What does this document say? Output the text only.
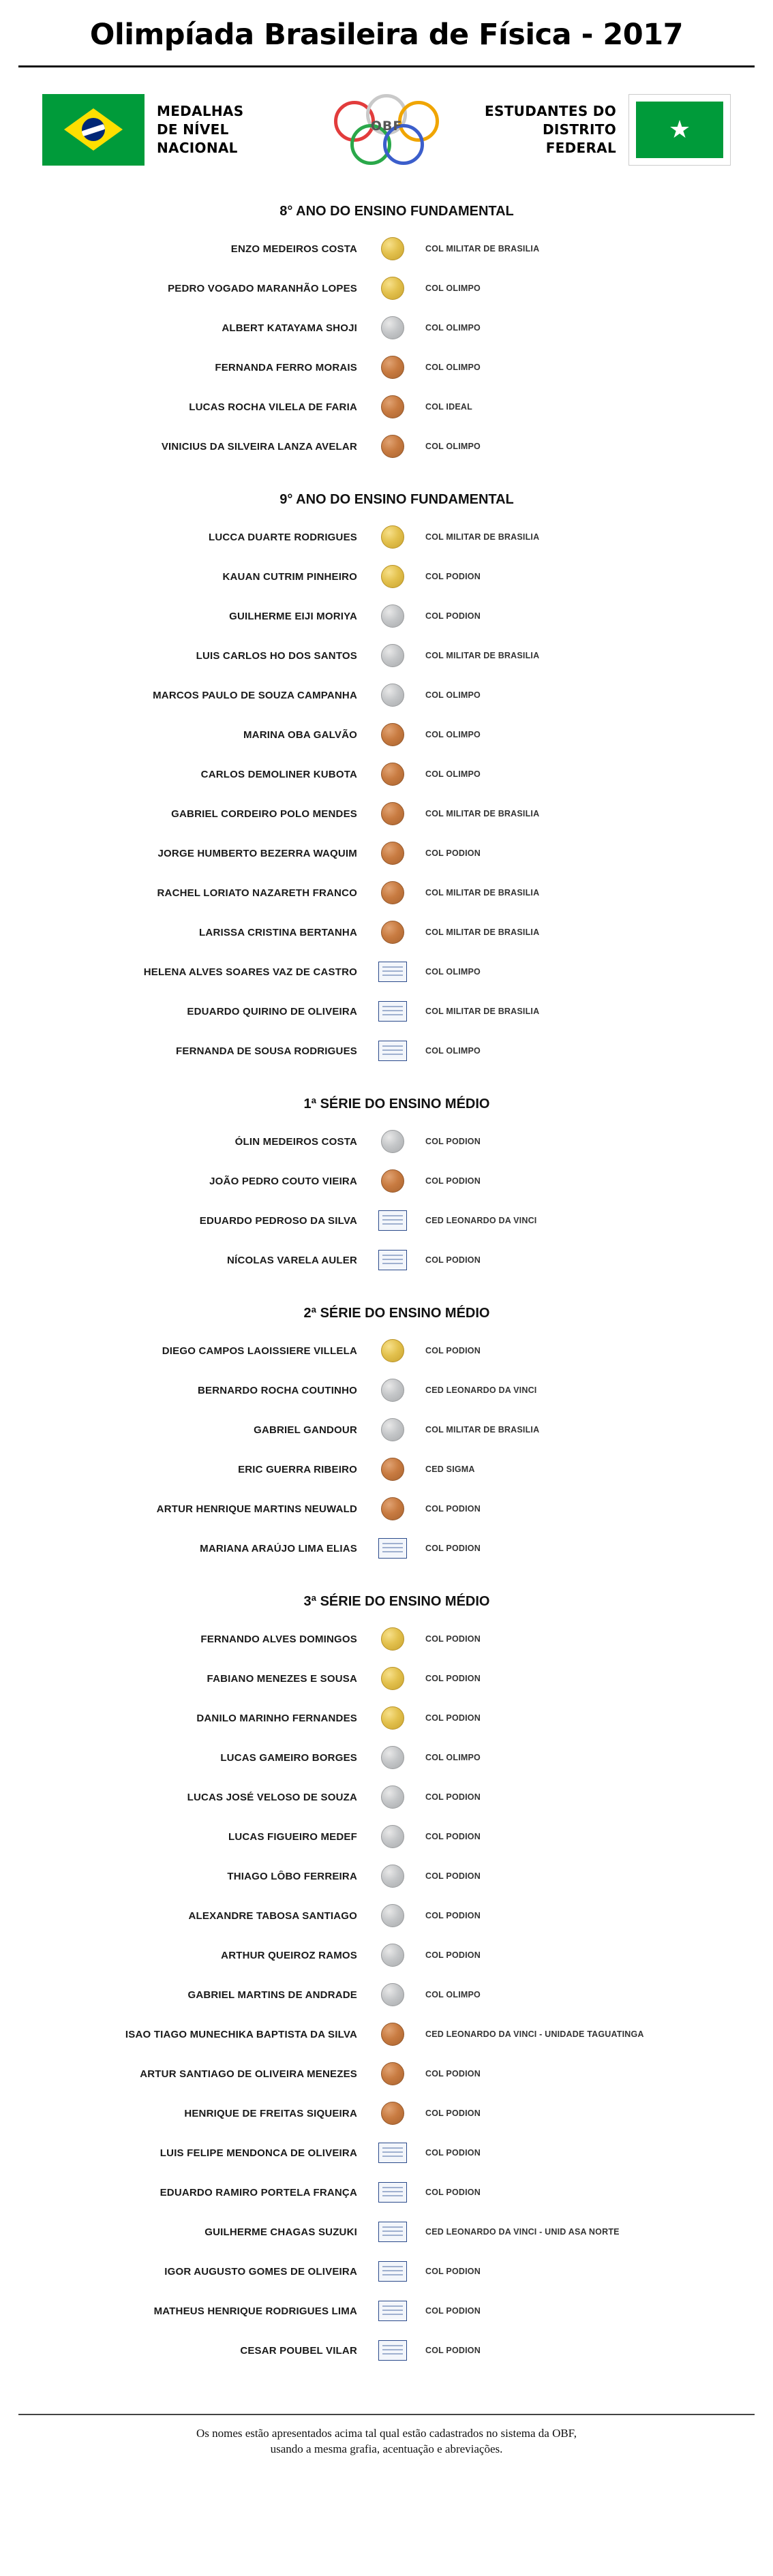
Olimpíada Brasileira de Física - 2017
MEDALHAS
DE NÍVEL
NACIONAL
OBF
ESTUDANTES DO
DISTRITO
FEDERAL
★
8° ANO DO ENSINO FUNDAMENTAL
ENZO MEDEIROS COSTA	COL MILITAR DE BRASILIA
PEDRO VOGADO MARANHÃO LOPES	COL OLIMPO
ALBERT KATAYAMA SHOJI	COL OLIMPO
FERNANDA FERRO MORAIS	COL OLIMPO
LUCAS ROCHA VILELA DE FARIA	COL IDEAL
VINICIUS DA SILVEIRA LANZA AVELAR	COL OLIMPO
9° ANO DO ENSINO FUNDAMENTAL
LUCCA DUARTE RODRIGUES	COL MILITAR DE BRASILIA
KAUAN CUTRIM PINHEIRO	COL PODION
GUILHERME EIJI MORIYA	COL PODION
LUIS CARLOS HO DOS SANTOS	COL MILITAR DE BRASILIA
MARCOS PAULO DE SOUZA CAMPANHA	COL OLIMPO
MARINA OBA GALVÃO	COL OLIMPO
CARLOS DEMOLINER KUBOTA	COL OLIMPO
GABRIEL CORDEIRO POLO MENDES	COL MILITAR DE BRASILIA
JORGE HUMBERTO BEZERRA WAQUIM	COL PODION
RACHEL LORIATO NAZARETH FRANCO	COL MILITAR DE BRASILIA
LARISSA CRISTINA BERTANHA	COL MILITAR DE BRASILIA
HELENA ALVES SOARES VAZ DE CASTRO	COL OLIMPO
EDUARDO QUIRINO DE OLIVEIRA	COL MILITAR DE BRASILIA
FERNANDA DE SOUSA RODRIGUES	COL OLIMPO
1ª SÉRIE DO ENSINO MÉDIO
ÓLIN MEDEIROS COSTA	COL PODION
JOÃO PEDRO COUTO VIEIRA	COL PODION
EDUARDO PEDROSO DA SILVA	CED LEONARDO DA VINCI
NÍCOLAS VARELA AULER	COL PODION
2ª SÉRIE DO ENSINO MÉDIO
DIEGO CAMPOS LAOISSIERE VILLELA	COL PODION
BERNARDO ROCHA COUTINHO	CED LEONARDO DA VINCI
GABRIEL GANDOUR	COL MILITAR DE BRASILIA
ERIC GUERRA RIBEIRO	CED SIGMA
ARTUR HENRIQUE MARTINS NEUWALD	COL PODION
MARIANA ARAÚJO LIMA ELIAS	COL PODION
3ª SÉRIE DO ENSINO MÉDIO
FERNANDO ALVES DOMINGOS	COL PODION
FABIANO MENEZES E SOUSA	COL PODION
DANILO MARINHO FERNANDES	COL PODION
LUCAS GAMEIRO BORGES	COL OLIMPO
LUCAS JOSÉ VELOSO DE SOUZA	COL PODION
LUCAS FIGUEIRO MEDEF	COL PODION
THIAGO LÔBO FERREIRA	COL PODION
ALEXANDRE TABOSA SANTIAGO	COL PODION
ARTHUR QUEIROZ RAMOS	COL PODION
GABRIEL MARTINS DE ANDRADE	COL OLIMPO
ISAO TIAGO MUNECHIKA BAPTISTA DA SILVA	CED LEONARDO DA VINCI - UNIDADE TAGUATINGA
ARTUR SANTIAGO DE OLIVEIRA MENEZES	COL PODION
HENRIQUE DE FREITAS SIQUEIRA	COL PODION
LUIS FELIPE MENDONCA DE OLIVEIRA	COL PODION
EDUARDO RAMIRO PORTELA FRANÇA	COL PODION
GUILHERME CHAGAS SUZUKI	CED LEONARDO DA VINCI - UNID ASA NORTE
IGOR AUGUSTO GOMES DE OLIVEIRA	COL PODION
MATHEUS HENRIQUE RODRIGUES LIMA	COL PODION
CESAR POUBEL VILAR	COL PODION

Os nomes estão apresentados acima tal qual estão cadastrados no sistema da OBF,

usando a mesma grafia, acentuação e abreviações.
